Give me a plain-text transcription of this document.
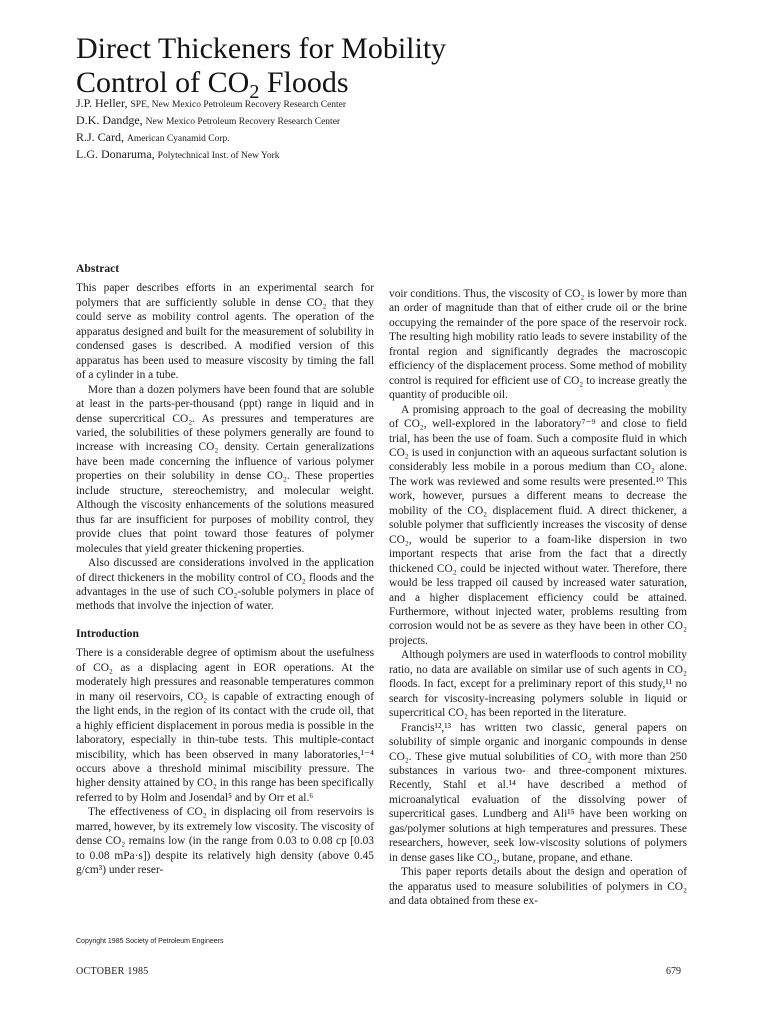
Direct Thickeners for Mobility
Control of $CO_2$ Floods
J.P. Heller, SPE, New Mexico Petroleum Recovery Research Center
D.K. Dandge, New Mexico Petroleum Recovery Research Center
R.J. Card, American Cyanamid Corp.
L.G. Donaruma, Polytechnical Inst. of New York
Abstract

This paper describes efforts in an experimental search for polymers that are sufficiently soluble in dense CO₂ that they could serve as mobility control agents. The operation of the apparatus designed and built for the measurement of solubility in condensed gases is described. A modified version of this apparatus has been used to measure viscosity by timing the fall of a cylinder in a tube.

More than a dozen polymers have been found that are soluble at least in the parts-per-thousand (ppt) range in liquid and in dense supercritical CO₂. As pressures and temperatures are varied, the solubilities of these polymers generally are found to increase with increasing CO₂ density. Certain generalizations have been made concerning the influence of various polymer properties on their solubility in dense CO₂. These properties include structure, stereochemistry, and molecular weight. Although the viscosity enhancements of the solutions measured thus far are insufficient for purposes of mobility control, they provide clues that point toward those features of polymer molecules that yield greater thickening properties.

Also discussed are considerations involved in the application of direct thickeners in the mobility control of CO₂ floods and the advantages in the use of such CO₂-soluble polymers in place of methods that involve the injection of water.

Introduction

There is a considerable degree of optimism about the usefulness of CO₂ as a displacing agent in EOR operations. At the moderately high pressures and reasonable temperatures common in many oil reservoirs, CO₂ is capable of extracting enough of the light ends, in the region of its contact with the crude oil, that a highly efficient displacement in porous media is possible in the laboratory, especially in thin-tube tests. This multiple-contact miscibility, which has been observed in many laboratories,¹⁻⁴ occurs above a threshold minimal miscibility pressure. The higher density attained by CO₂ in this range has been specifically referred to by Holm and Josendal⁵ and by Orr et al.⁶

The effectiveness of CO₂ in displacing oil from reservoirs is marred, however, by its extremely low viscosity. The viscosity of dense CO₂ remains low (in the range from 0.03 to 0.08 cp [0.03 to 0.08 mPa·s]) despite its relatively high density (above 0.45 g/cm³) under reser-

voir conditions. Thus, the viscosity of CO₂ is lower by more than an order of magnitude than that of either crude oil or the brine occupying the remainder of the pore space of the reservoir rock. The resulting high mobility ratio leads to severe instability of the frontal region and significantly degrades the macroscopic efficiency of the displacement process. Some method of mobility control is required for efficient use of CO₂ to increase greatly the quantity of producible oil.

A promising approach to the goal of decreasing the mobility of CO₂, well-explored in the laboratory⁷⁻⁹ and close to field trial, has been the use of foam. Such a composite fluid in which CO₂ is used in conjunction with an aqueous surfactant solution is considerably less mobile in a porous medium than CO₂ alone. The work was reviewed and some results were presented.¹⁰ This work, however, pursues a different means to decrease the mobility of the CO₂ displacement fluid. A direct thickener, a soluble polymer that sufficiently increases the viscosity of dense CO₂, would be superior to a foam-like dispersion in two important respects that arise from the fact that a directly thickened CO₂ could be injected without water. Therefore, there would be less trapped oil caused by increased water saturation, and a higher displacement efficiency could be attained. Furthermore, without injected water, problems resulting from corrosion would not be as severe as they have been in other CO₂ projects.

Although polymers are used in waterfloods to control mobility ratio, no data are available on similar use of such agents in CO₂ floods. In fact, except for a preliminary report of this study,¹¹ no search for viscosity-increasing polymers soluble in liquid or supercritical CO₂ has been reported in the literature.

Francis¹²,¹³ has written two classic, general papers on solubility of simple organic and inorganic compounds in dense CO₂. These give mutual solubilities of CO₂ with more than 250 substances in various two- and three-component mixtures. Recently, Stahl et al.¹⁴ have described a method of microanalytical evaluation of the dissolving power of supercritical gases. Lundberg and Ali¹⁵ have been working on gas/polymer solutions at high temperatures and pressures. These researchers, however, seek low-viscosity solutions of polymers in dense gases like CO₂, butane, propane, and ethane.

This paper reports details about the design and operation of the apparatus used to measure solubilities of polymers in CO₂ and data obtained from these ex-

Copyright 1985 Society of Petroleum Engineers
OCTOBER 1985	679
